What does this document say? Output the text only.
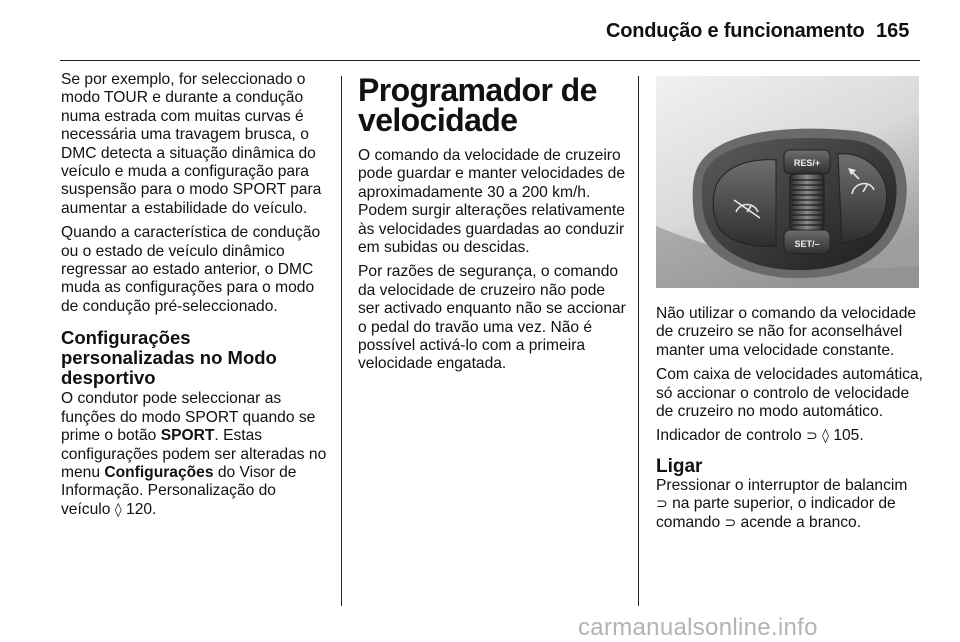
Condução e funcionamento 165

Se por exemplo, for seleccionado o modo TOUR e durante a condução numa estrada com muitas curvas é necessária uma travagem brusca, o DMC detecta a situação dinâmica do veículo e muda a configuração para suspensão para o modo SPORT para aumentar a estabilidade do veículo.

Quando a característica de condução ou o estado de veículo dinâmico regressar ao estado anterior, o DMC muda as configurações para o modo de condução pré-seleccionado.

Configurações personalizadas no Modo desportivo

O condutor pode seleccionar as funções do modo SPORT quando se prime o botão SPORT. Estas configurações podem ser alteradas no menu Configurações do Visor de Informação. Personalização do veículo ◊ 120.

Programador de velocidade

O comando da velocidade de cruzeiro pode guardar e manter velocidades de aproximadamente 30 a 200 km/h. Podem surgir alterações relativamente às velocidades guardadas ao conduzir em subidas ou descidas.

Por razões de segurança, o comando da velocidade de cruzeiro não pode ser activado enquanto não se accionar o pedal do travão uma vez. Não é possível activá-lo com a primeira velocidade engatada.

RES/+
SET/–

Não utilizar o comando da velocidade de cruzeiro se não for aconselhável manter uma velocidade constante.

Com caixa de velocidades automática, só accionar o controlo de velocidade de cruzeiro no modo automático.

Indicador de controlo ⊃ ◊ 105.

Ligar

Pressionar o interruptor de balancim
⊃ na parte superior, o indicador de comando ⊃ acende a branco.

carmanualsonline.info
